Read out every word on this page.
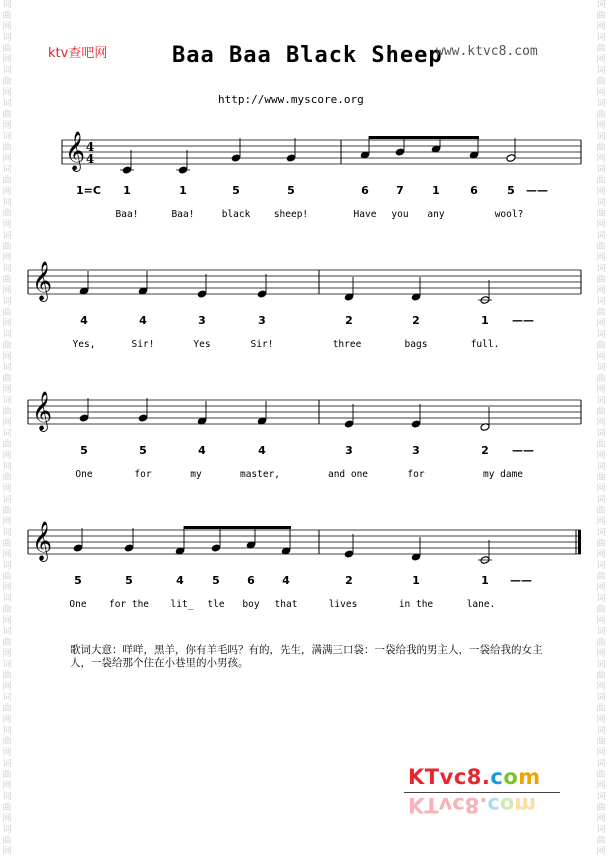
词
曲
网
词
曲
网
词
曲
网
词
曲
网
词
曲
网
词
曲
网
词
曲
网
词
曲
网
词
曲
网
词
曲
网
词
曲
网
词
曲
网
词
曲
网
词
曲
网
词
曲
网
词
曲
网
词
曲
网
词
曲
网
词
曲
网
词
曲
网
词
曲
网
词
曲
网
词
曲
网
词
曲
网
词
曲
网
词
曲
网
词
曲
网
词
曲
网
词
曲
网
词
曲
网
词
曲
网
词
曲
网
词
曲
网
词
曲
网
词
曲
网
词
曲
网
词
曲
网
词
曲
网
词
曲
网
词
曲
网
词
曲
网
词
曲
网
词
曲
网
词
曲
网
词
曲
网
词
曲
网
词
曲
网
词
曲
网
词
曲
网
词
曲
网
词
曲
网
词
曲
网
ktv查吧网	Baa Baa Black Sheep
www.ktvc8.com
http://www.myscore.org
𝄞 4
4
𝄞
𝄞
𝄞
1=C 1	1	5	5	6 7	1	6	5 ——
Baa!	Baa!	black sheep!	Have you any	wool?
4	4	3	3	2	2	1 ——
Yes,	Sir!	Yes	Sir!	three	bags	full.
5	5	4	4	3	3	2 ——
One	for	my	master,	and one	for	my dame
5	5	4	5 6 4	2	1	1 ——
One for the lit_ tle boy that	lives	in the	lane.
歌词大意：咩咩，黑羊，你有羊毛吗？有的，先生，满满三口袋：一袋给我的男主人，一袋给我的女主人，一袋给那个住在小巷里的小男孩。
KTvc8.com
KTvc8.com
